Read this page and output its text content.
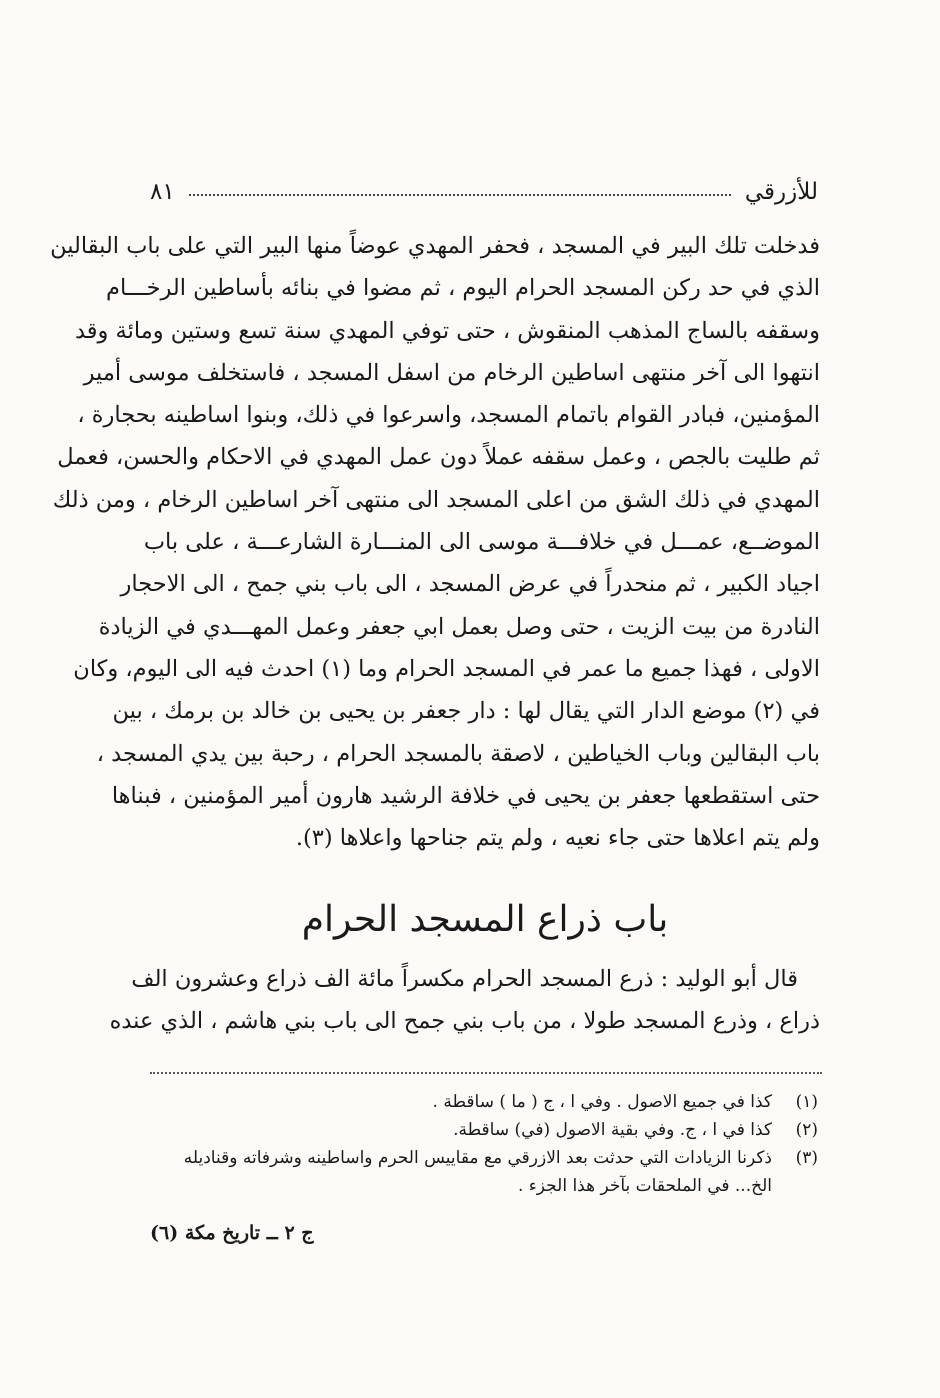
للأزرقي
٨١
فدخلت تلك البير في المسجد ، فحفر المهدي عوضاً منها البير التي على باب البقالين
الذي في حد ركن المسجد الحرام اليوم ، ثم مضوا في بنائه بأساطين الرخـــام
وسقفه بالساج المذهب المنقوش ، حتى توفي المهدي سنة تسع وستين ومائة وقد
انتهوا الى آخر منتهى اساطين الرخام من اسفل المسجد ، فاستخلف موسى أمير
المؤمنين، فبادر القوام باتمام المسجد، واسرعوا في ذلك، وبنوا اساطينه بحجارة ،
ثم طليت بالجص ، وعمل سقفه عملاً دون عمل المهدي في الاحكام والحسن، فعمل
المهدي في ذلك الشق من اعلى المسجد الى منتهى آخر اساطين الرخام ، ومن ذلك
الموضــع، عمـــل في خلافـــة موسى الى المنـــارة الشارعـــة ، على باب
اجياد الكبير ، ثم منحدراً في عرض المسجد ، الى باب بني جمح ، الى الاحجار
النادرة من بيت الزيت ، حتى وصل بعمل ابي جعفر وعمل المهـــدي في الزيادة
الاولى ، فهذا جميع ما عمر في المسجد الحرام وما (١) احدث فيه الى اليوم، وكان
في (٢) موضع الدار التي يقال لها : دار جعفر بن يحيى بن خالد بن برمك ، بين
باب البقالين وباب الخياطين ، لاصقة بالمسجد الحرام ، رحبة بين يدي المسجد ،
حتى استقطعها جعفر بن يحيى في خلافة الرشيد هارون أمير المؤمنين ، فبناها
ولم يتم اعلاها حتى جاء نعيه ، ولم يتم جناحها واعلاها (٣).
باب ذراع المسجد الحرام
قال أبو الوليد : ذرع المسجد الحرام مكسراً مائة الف ذراع وعشرون الف
ذراع ، وذرع المسجد طولا ، من باب بني جمح الى باب بني هاشم ، الذي عنده
(١)
كذا في جميع الاصول . وفي ا ، ج ( ما ) ساقطة .
(٢)
كذا في ا ، ج. وفي بقية الاصول (في) ساقطة.
(٣)
ذكرنا الزيادات التي حدثت بعد الازرقي مع مقاييس الحرم واساطينه وشرفاته وقناديله الخ... في الملحقات بآخر هذا الجزء .
ج ٢ ــ تاريخ مكة (٦)
